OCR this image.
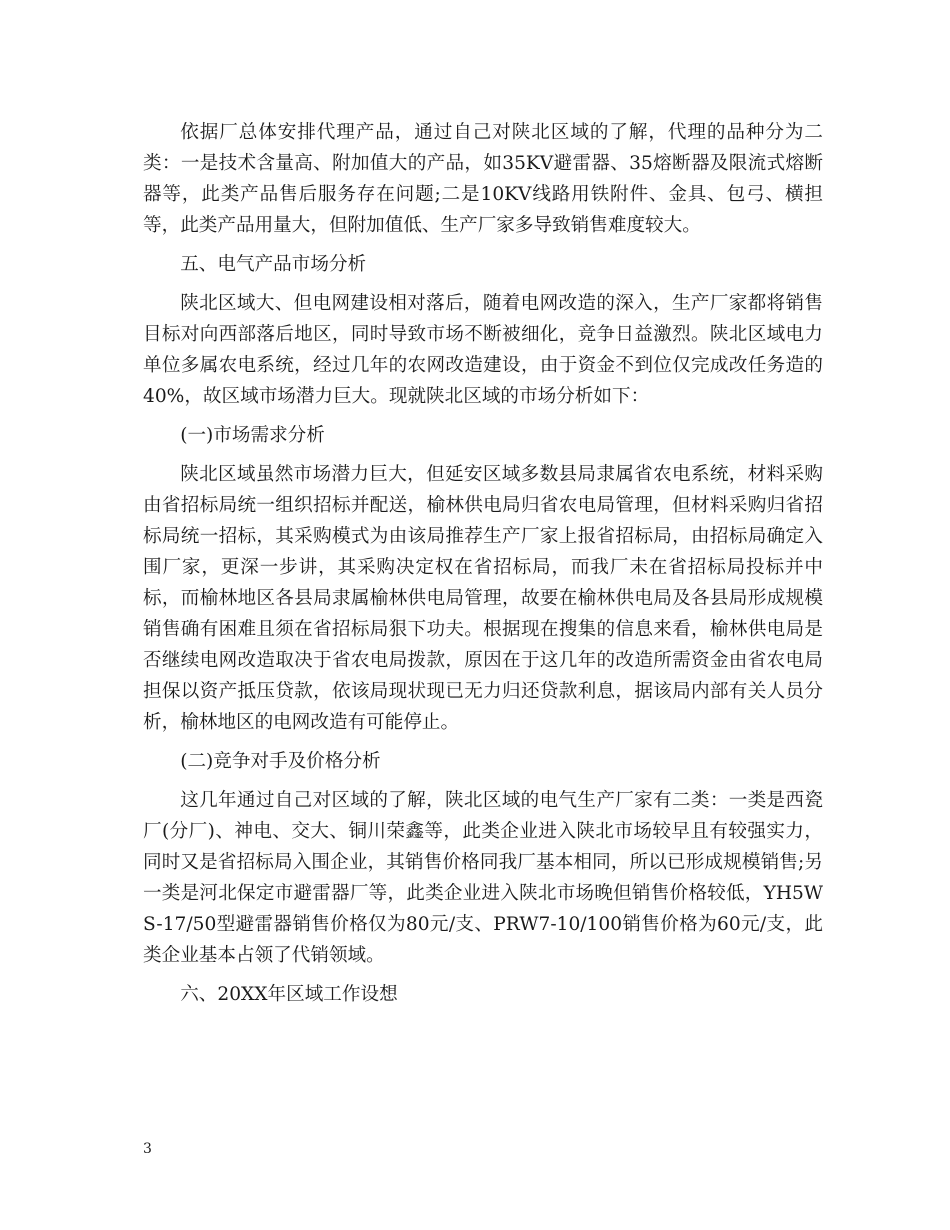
依据厂总体安排代理产品，通过自己对陕北区域的了解，代理的品种分为二类：一是技术含量高、附加值大的产品，如35KV避雷器、35熔断器及限流式熔断器等，此类产品售后服务存在问题;二是10KV线路用铁附件、金具、包弓、横担等，此类产品用量大，但附加值低、生产厂家多导致销售难度较大。

五、电气产品市场分析

陕北区域大、但电网建设相对落后，随着电网改造的深入，生产厂家都将销售目标对向西部落后地区，同时导致市场不断被细化，竞争日益激烈。陕北区域电力单位多属农电系统，经过几年的农网改造建设，由于资金不到位仅完成改任务造的40%，故区域市场潜力巨大。现就陕北区域的市场分析如下：

(一)市场需求分析

陕北区域虽然市场潜力巨大，但延安区域多数县局隶属省农电系统，材料采购由省招标局统一组织招标并配送，榆林供电局归省农电局管理，但材料采购归省招标局统一招标，其采购模式为由该局推荐生产厂家上报省招标局，由招标局确定入围厂家，更深一步讲，其采购决定权在省招标局，而我厂未在省招标局投标并中标，而榆林地区各县局隶属榆林供电局管理，故要在榆林供电局及各县局形成规模销售确有困难且须在省招标局狠下功夫。根据现在搜集的信息来看，榆林供电局是否继续电网改造取决于省农电局拨款，原因在于这几年的改造所需资金由省农电局担保以资产抵压贷款，依该局现状现已无力归还贷款利息，据该局内部有关人员分析，榆林地区的电网改造有可能停止。

(二)竞争对手及价格分析

这几年通过自己对区域的了解，陕北区域的电气生产厂家有二类：一类是西瓷厂(分厂)、神电、交大、铜川荣鑫等，此类企业进入陕北市场较早且有较强实力，同时又是省招标局入围企业，其销售价格同我厂基本相同，所以已形成规模销售;另一类是河北保定市避雷器厂等，此类企业进入陕北市场晚但销售价格较低，YH5WS-17/50型避雷器销售价格仅为80元/支、PRW7-10/100销售价格为60元/支，此类企业基本占领了代销领域。

六、20XX年区域工作设想

3
